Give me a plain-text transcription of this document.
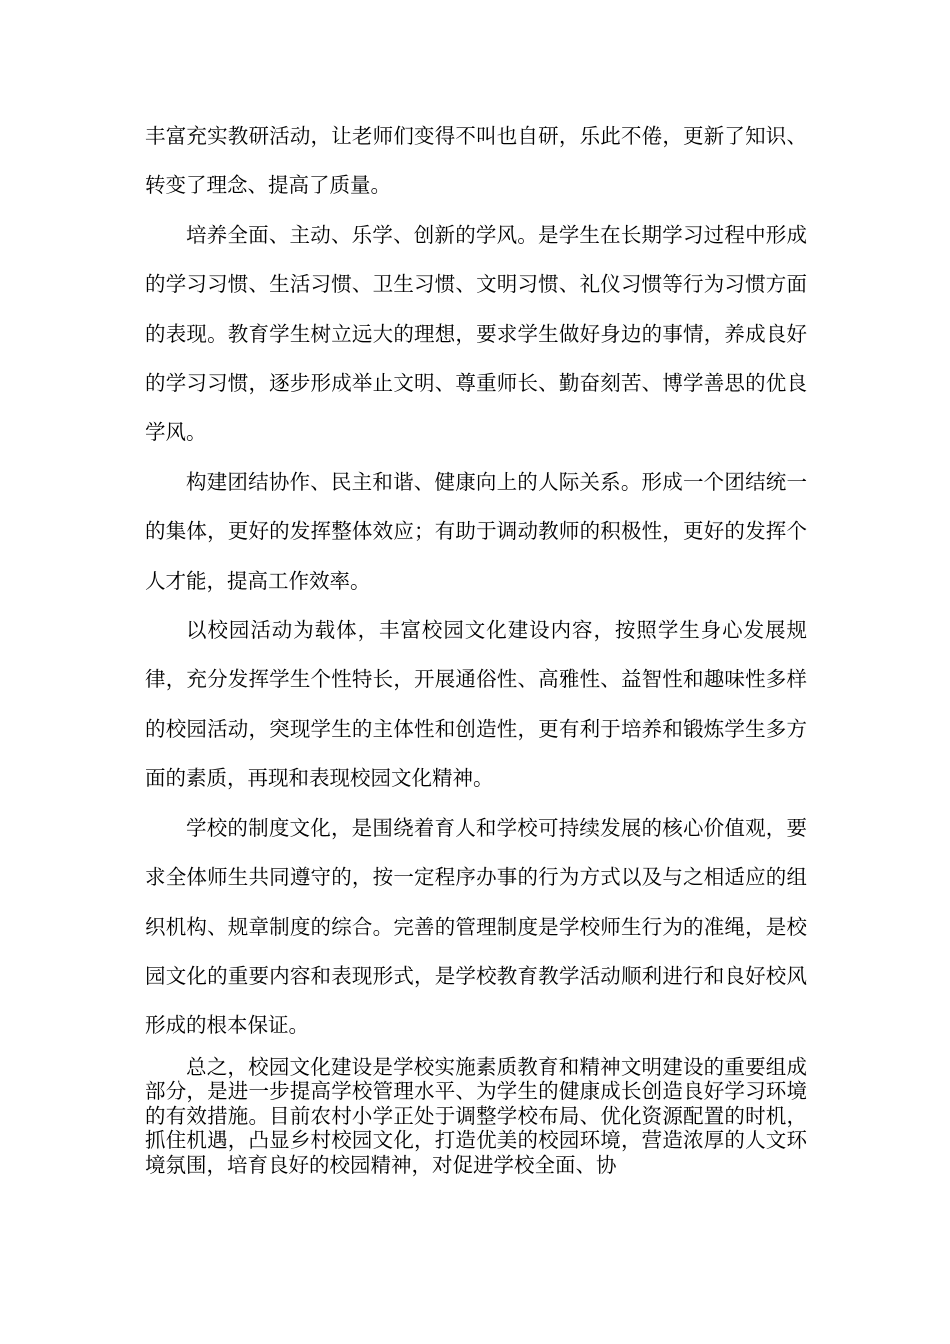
丰富充实教研活动，让老师们变得不叫也自研，乐此不倦，更新了知识、转变了理念、提高了质量。

培养全面、主动、乐学、创新的学风。是学生在长期学习过程中形成的学习习惯、生活习惯、卫生习惯、文明习惯、礼仪习惯等行为习惯方面的表现。教育学生树立远大的理想，要求学生做好身边的事情，养成良好的学习习惯，逐步形成举止文明、尊重师长、勤奋刻苦、博学善思的优良学风。

构建团结协作、民主和谐、健康向上的人际关系。形成一个团结统一的集体，更好的发挥整体效应；有助于调动教师的积极性，更好的发挥个人才能，提高工作效率。

以校园活动为载体，丰富校园文化建设内容，按照学生身心发展规律，充分发挥学生个性特长，开展通俗性、高雅性、益智性和趣味性多样的校园活动，突现学生的主体性和创造性，更有利于培养和锻炼学生多方面的素质，再现和表现校园文化精神。

学校的制度文化，是围绕着育人和学校可持续发展的核心价值观，要求全体师生共同遵守的，按一定程序办事的行为方式以及与之相适应的组织机构、规章制度的综合。完善的管理制度是学校师生行为的准绳，是校园文化的重要内容和表现形式，是学校教育教学活动顺利进行和良好校风形成的根本保证。

总之，校园文化建设是学校实施素质教育和精神文明建设的重要组成部分，是进一步提高学校管理水平、为学生的健康成长创造良好学习环境的有效措施。目前农村小学正处于调整学校布局、优化资源配置的时机，抓住机遇，凸显乡村校园文化，打造优美的校园环境，营造浓厚的人文环境氛围，培育良好的校园精神，对促进学校全面、协
